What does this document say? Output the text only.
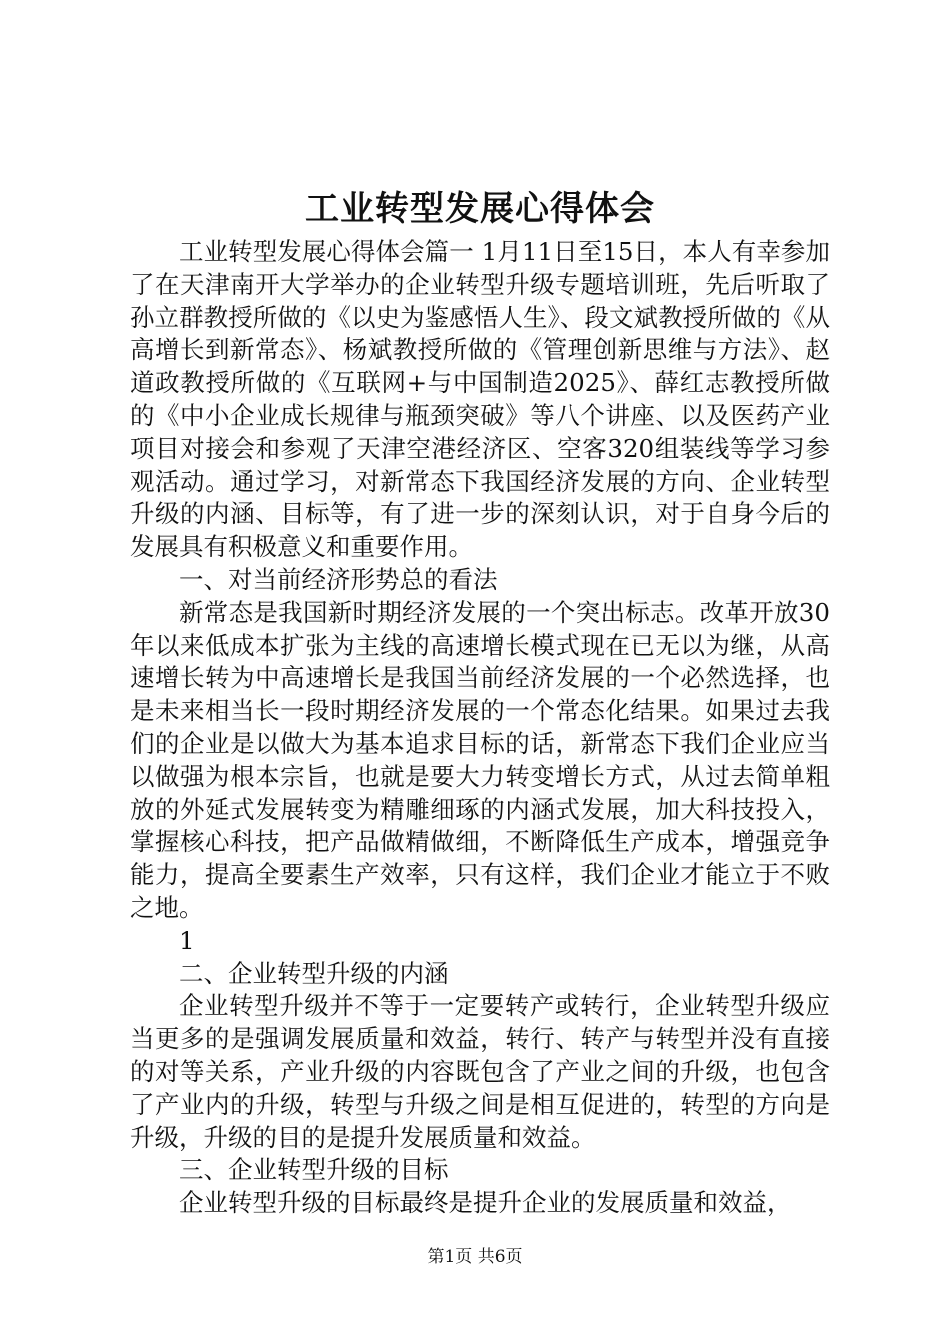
工业转型发展心得体会

工业转型发展心得体会篇一 1月11日至15日，本人有幸参加了在天津南开大学举办的企业转型升级专题培训班，先后听取了孙立群教授所做的《以史为鉴感悟人生》、段文斌教授所做的《从高增长到新常态》、杨斌教授所做的《管理创新思维与方法》、赵道政教授所做的《互联网+与中国制造2025》、薛红志教授所做的《中小企业成长规律与瓶颈突破》等八个讲座、以及医药产业项目对接会和参观了天津空港经济区、空客320组装线等学习参观活动。通过学习，对新常态下我国经济发展的方向、企业转型升级的内涵、目标等，有了进一步的深刻认识，对于自身今后的发展具有积极意义和重要作用。

一、对当前经济形势总的看法

新常态是我国新时期经济发展的一个突出标志。改革开放30年以来低成本扩张为主线的高速增长模式现在已无以为继，从高速增长转为中高速增长是我国当前经济发展的一个必然选择，也是未来相当长一段时期经济发展的一个常态化结果。如果过去我们的企业是以做大为基本追求目标的话，新常态下我们企业应当以做强为根本宗旨，也就是要大力转变增长方式，从过去简单粗放的外延式发展转变为精雕细琢的内涵式发展，加大科技投入，掌握核心科技，把产品做精做细，不断降低生产成本，增强竞争能力，提高全要素生产效率，只有这样，我们企业才能立于不败之地。

1

二、企业转型升级的内涵

企业转型升级并不等于一定要转产或转行，企业转型升级应当更多的是强调发展质量和效益，转行、转产与转型并没有直接的对等关系，产业升级的内容既包含了产业之间的升级，也包含了产业内的升级，转型与升级之间是相互促进的，转型的方向是升级，升级的目的是提升发展质量和效益。

三、企业转型升级的目标

企业转型升级的目标最终是提升企业的发展质量和效益，

第1页 共6页
